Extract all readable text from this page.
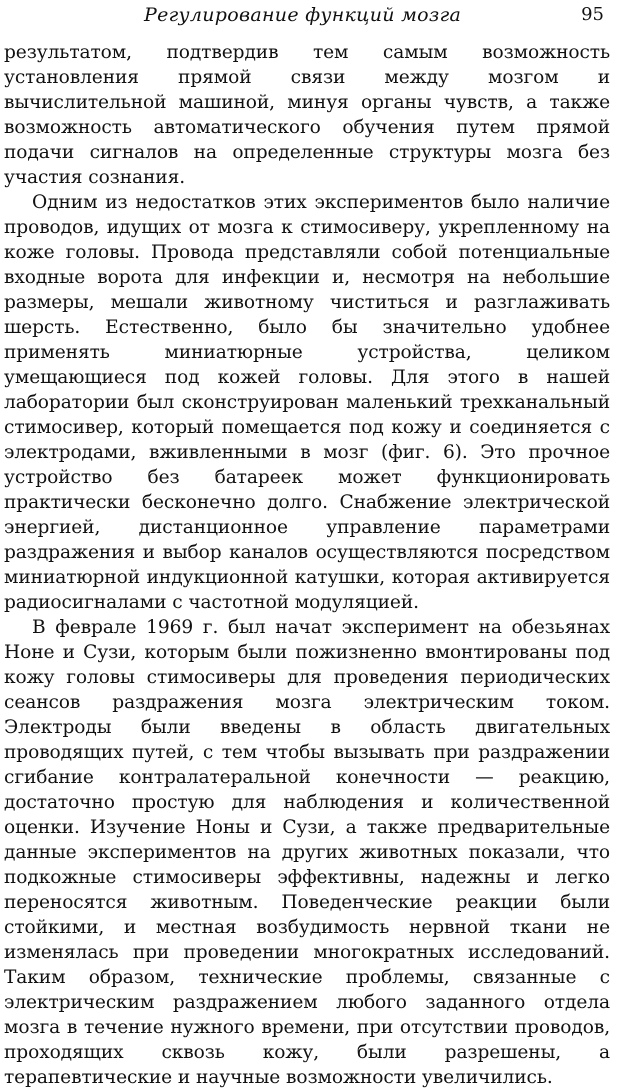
Регулирование функций мозга	95

результатом, подтвердив тем самым возможность установления прямой связи между мозгом и вычислительной машиной, минуя органы чувств, а также возможность автоматического обучения путем прямой подачи сигналов на определенные структуры мозга без участия сознания.

Одним из недостатков этих экспериментов было наличие проводов, идущих от мозга к стимосиверу, укрепленному на коже головы. Провода представляли собой потенциальные входные ворота для инфекции и, несмотря на небольшие размеры, мешали животному чиститься и разглаживать шерсть. Естественно, было бы значительно удобнее применять миниатюрные устройства, целиком умещающиеся под кожей головы. Для этого в нашей лаборатории был сконструирован маленький трехканальный стимосивер, который помещается под кожу и соединяется с электродами, вживленными в мозг (фиг. 6). Это прочное устройство без батареек может функционировать практически бесконечно долго. Снабжение электрической энергией, дистанционное управление параметрами раздражения и выбор каналов осуществляются посредством миниатюрной индукционной катушки, которая активируется радиосигналами с частотной модуляцией.

В феврале 1969 г. был начат эксперимент на обезьянах Ноне и Сузи, которым были пожизненно вмонтированы под кожу головы стимосиверы для проведения периодических сеансов раздражения мозга электрическим током. Электроды были введены в область двигательных проводящих путей, с тем чтобы вызывать при раздражении сгибание контралатеральной конечности — реакцию, достаточно простую для наблюдения и количественной оценки. Изучение Ноны и Сузи, а также предварительные данные экспериментов на других животных показали, что подкожные стимосиверы эффективны, надежны и легко переносятся животным. Поведенческие реакции были стойкими, и местная возбудимость нервной ткани не изменялась при проведении многократных исследований. Таким образом, технические проблемы, связанные с электрическим раздражением любого заданного отдела мозга в течение нужного времени, при отсутствии проводов, проходящих сквозь кожу, были разрешены, а терапевтические и научные возможности увеличились.
